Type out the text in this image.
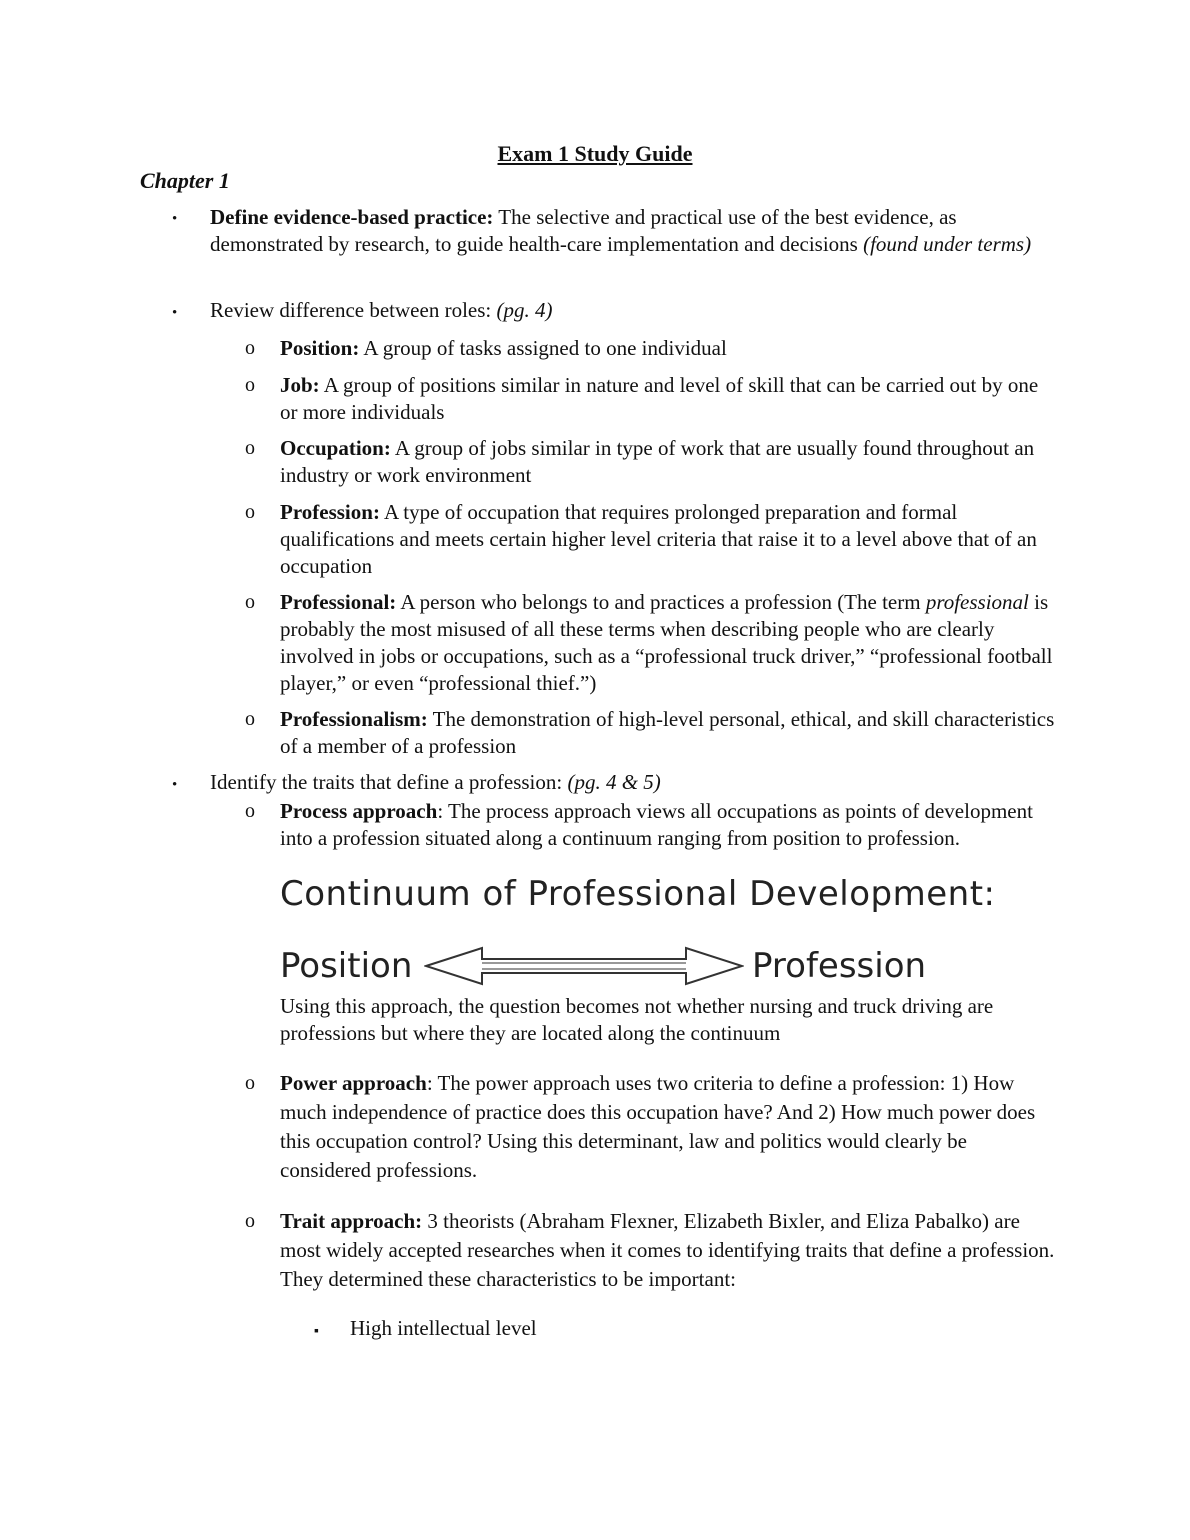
Exam 1 Study Guide
Chapter 1
• Define evidence-based practice: The selective and practical use of the best evidence, as demonstrated by research, to guide health-care implementation and decisions (found under terms)
• Review difference between roles: (pg. 4)
o Position: A group of tasks assigned to one individual
o Job: A group of positions similar in nature and level of skill that can be carried out by one or more individuals
o Occupation: A group of jobs similar in type of work that are usually found throughout an industry or work environment
o Profession: A type of occupation that requires prolonged preparation and formal qualifications and meets certain higher level criteria that raise it to a level above that of an occupation
o Professional: A person who belongs to and practices a profession (The term professional is probably the most misused of all these terms when describing people who are clearly involved in jobs or occupations, such as a “professional truck driver,” “professional football player,” or even “professional thief.”)
o Professionalism: The demonstration of high-level personal, ethical, and skill characteristics of a member of a profession
• Identify the traits that define a profession: (pg. 4 & 5)
o Process approach: The process approach views all occupations as points of development into a profession situated along a continuum ranging from position to profession.
Continuum of Professional Development:
Position	Profession
Using this approach, the question becomes not whether nursing and truck driving are professions but where they are located along the continuum
o Power approach: The power approach uses two criteria to define a profession: 1) How much independence of practice does this occupation have? And 2) How much power does this occupation control? Using this determinant, law and politics would clearly be considered professions.
o Trait approach: 3 theorists (Abraham Flexner, Elizabeth Bixler, and Eliza Pabalko) are most widely accepted researches when it comes to identifying traits that define a profession. They determined these characteristics to be important:
▪ High intellectual level
